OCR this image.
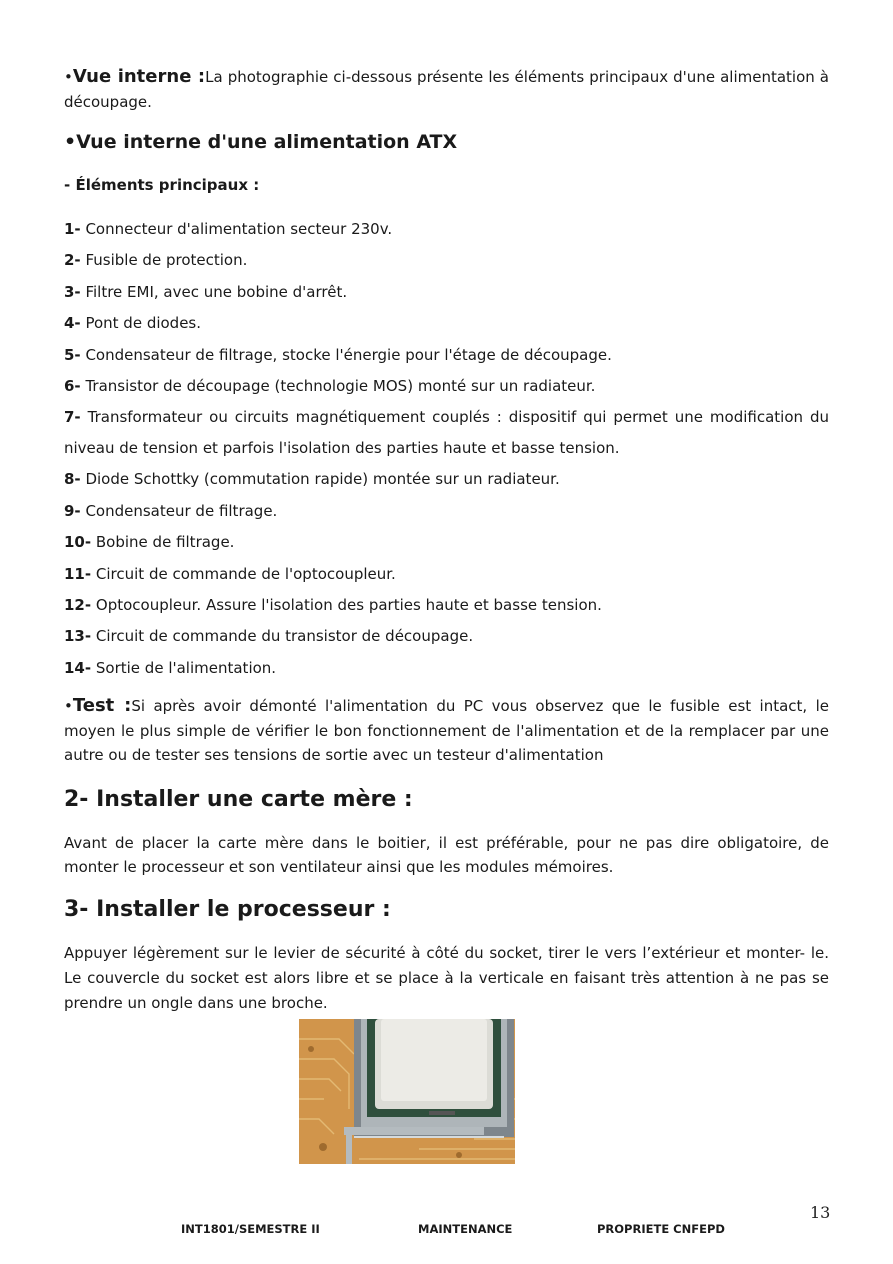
•Vue interne :La photographie ci-dessous présente les éléments principaux d'une alimentation à découpage.

•Vue interne d'une alimentation ATX
- Éléments principaux :
1- Connecteur d'alimentation secteur 230v.
2- Fusible de protection.
3- Filtre EMI, avec une bobine d'arrêt.
4- Pont de diodes.
5- Condensateur de filtrage, stocke l'énergie pour l'étage de découpage.
6- Transistor de découpage (technologie MOS) monté sur un radiateur.
7- Transformateur ou circuits magnétiquement couplés : dispositif qui permet une modification du niveau de tension et parfois l'isolation des parties haute et basse tension.
8- Diode Schottky (commutation rapide) montée sur un radiateur.
9- Condensateur de filtrage.
10- Bobine de filtrage.
11- Circuit de commande de l'optocoupleur.
12- Optocoupleur. Assure l'isolation des parties haute et basse tension.
13- Circuit de commande du transistor de découpage.
14- Sortie de l'alimentation.

•Test :Si après avoir démonté l'alimentation du PC vous observez que le fusible est intact, le moyen le plus simple de vérifier le bon fonctionnement de l'alimentation et de la remplacer par une autre ou de tester ses tensions de sortie avec un testeur d'alimentation

2- Installer une carte mère :

Avant de placer la carte mère dans le boitier, il est préférable, pour ne pas dire obligatoire, de monter le processeur et son ventilateur ainsi que les modules mémoires.

3- Installer le processeur :

Appuyer légèrement sur le levier de sécurité à côté du socket, tirer le vers l’extérieur et monter- le. Le couvercle du socket est alors libre et se place à la verticale en faisant très attention à ne pas se prendre un ongle dans une broche.

13
INT1801/SEMESTRE II	MAINTENANCE	PROPRIETE CNFEPD
